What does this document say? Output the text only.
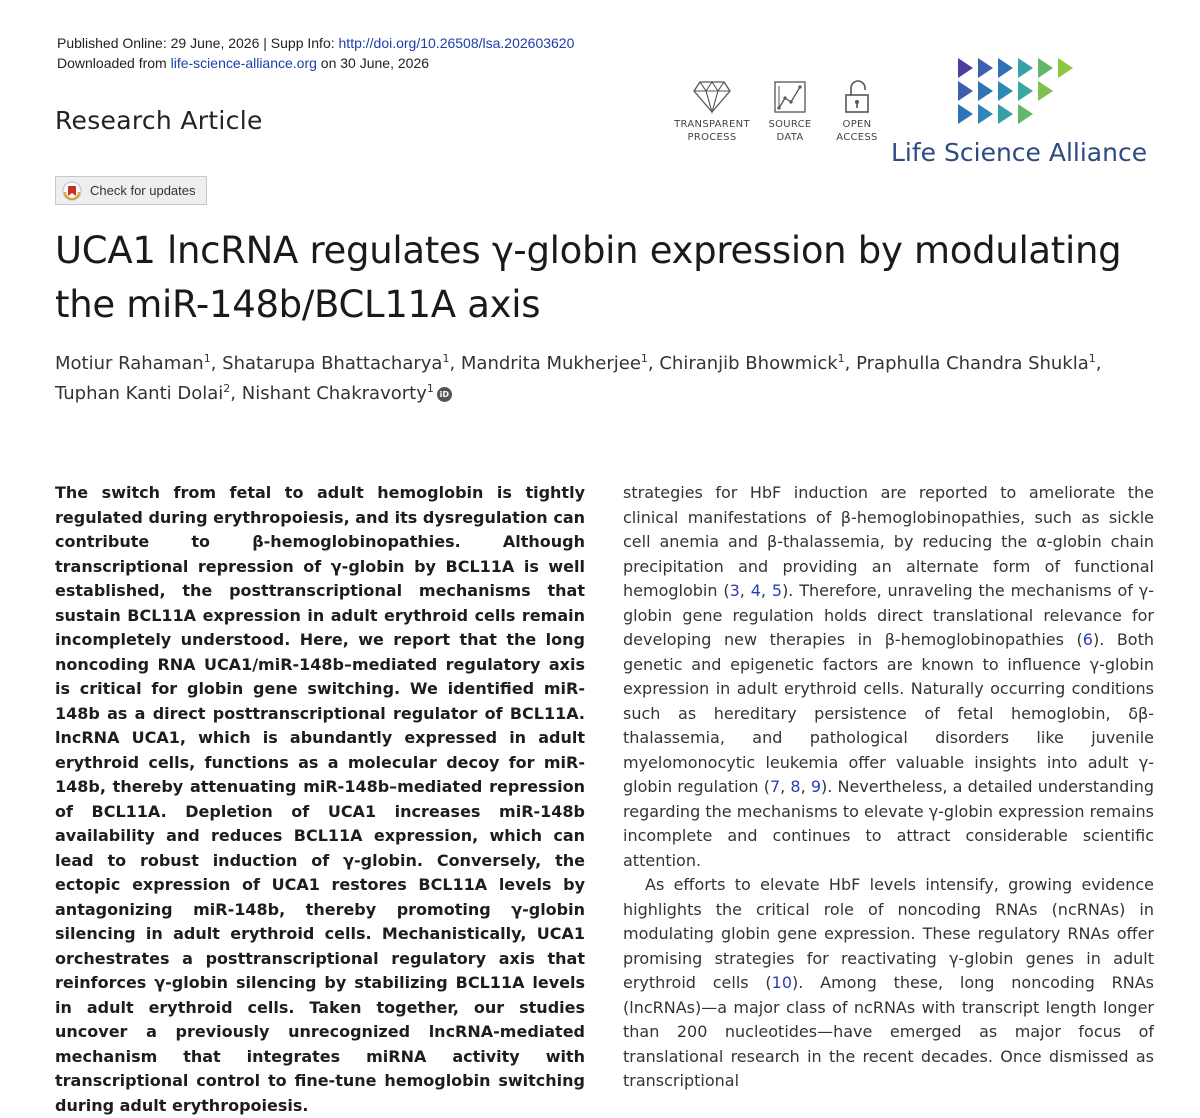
Published Online: 29 June, 2026 | Supp Info: http://doi.org/10.26508/lsa.202603620
Downloaded from life-science-alliance.org on 30 June, 2026
Research Article	TRANSPARENT
PROCESS
SOURCE
DATA
OPEN
ACCESS
Life Science Alliance
Check for updates
UCA1 lncRNA regulates γ-globin expression by modulating the miR-148b/BCL11A axis
Motiur Rahaman$^1$, Shatarupa Bhattacharya$^1$, Mandrita Mukherjee$^1$, Chiranjib Bhowmick$^1$, Praphulla Chandra Shukla$^1$, Tuphan Kanti Dolai$^2$, Nishant Chakravorty$^1$ iD
The switch from fetal to adult hemoglobin is tightly regulated during erythropoiesis, and its dysregulation can contribute to β-hemoglobinopathies. Although transcriptional repression of γ-globin by BCL11A is well established, the posttranscriptional mechanisms that sustain BCL11A expression in adult erythroid cells remain incompletely understood. Here, we report that the long noncoding RNA UCA1/miR-148b–mediated regulatory axis is critical for globin gene switching. We identified miR-148b as a direct posttranscriptional regulator of BCL11A. lncRNA UCA1, which is abundantly expressed in adult erythroid cells, functions as a molecular decoy for miR-148b, thereby attenuating miR-148b–mediated repression of BCL11A. Depletion of UCA1 increases miR-148b availability and reduces BCL11A expression, which can lead to robust induction of γ-globin. Conversely, the ectopic expression of UCA1 restores BCL11A levels by antagonizing miR-148b, thereby promoting γ-globin silencing in adult erythroid cells. Mechanistically, UCA1 orchestrates a posttranscriptional regulatory axis that reinforces γ-globin silencing by stabilizing BCL11A levels in adult erythroid cells. Taken together, our studies uncover a previously unrecognized lncRNA-mediated mechanism that integrates miRNA activity with transcriptional control to fine-tune hemoglobin switching during adult erythropoiesis.

strategies for HbF induction are reported to ameliorate the clinical manifestations of β-hemoglobinopathies, such as sickle cell anemia and β-thalassemia, by reducing the α-globin chain precipitation and providing an alternate form of functional hemoglobin (3, 4, 5). Therefore, unraveling the mechanisms of γ-globin gene regulation holds direct translational relevance for developing new therapies in β-hemoglobinopathies (6). Both genetic and epigenetic factors are known to influence γ-globin expression in adult erythroid cells. Naturally occurring conditions such as hereditary persistence of fetal hemoglobin, δβ-thalassemia, and pathological disorders like juvenile myelomonocytic leukemia offer valuable insights into adult γ-globin regulation (7, 8, 9). Nevertheless, a detailed understanding regarding the mechanisms to elevate γ-globin expression remains incomplete and continues to attract considerable scientific attention.

As efforts to elevate HbF levels intensify, growing evidence highlights the critical role of noncoding RNAs (ncRNAs) in modulating globin gene expression. These regulatory RNAs offer promising strategies for reactivating γ-globin genes in adult erythroid cells (10). Among these, long noncoding RNAs (lncRNAs)—a major class of ncRNAs with transcript length longer than 200 nucleotides—have emerged as major focus of translational research in the recent decades. Once dismissed as transcriptional
